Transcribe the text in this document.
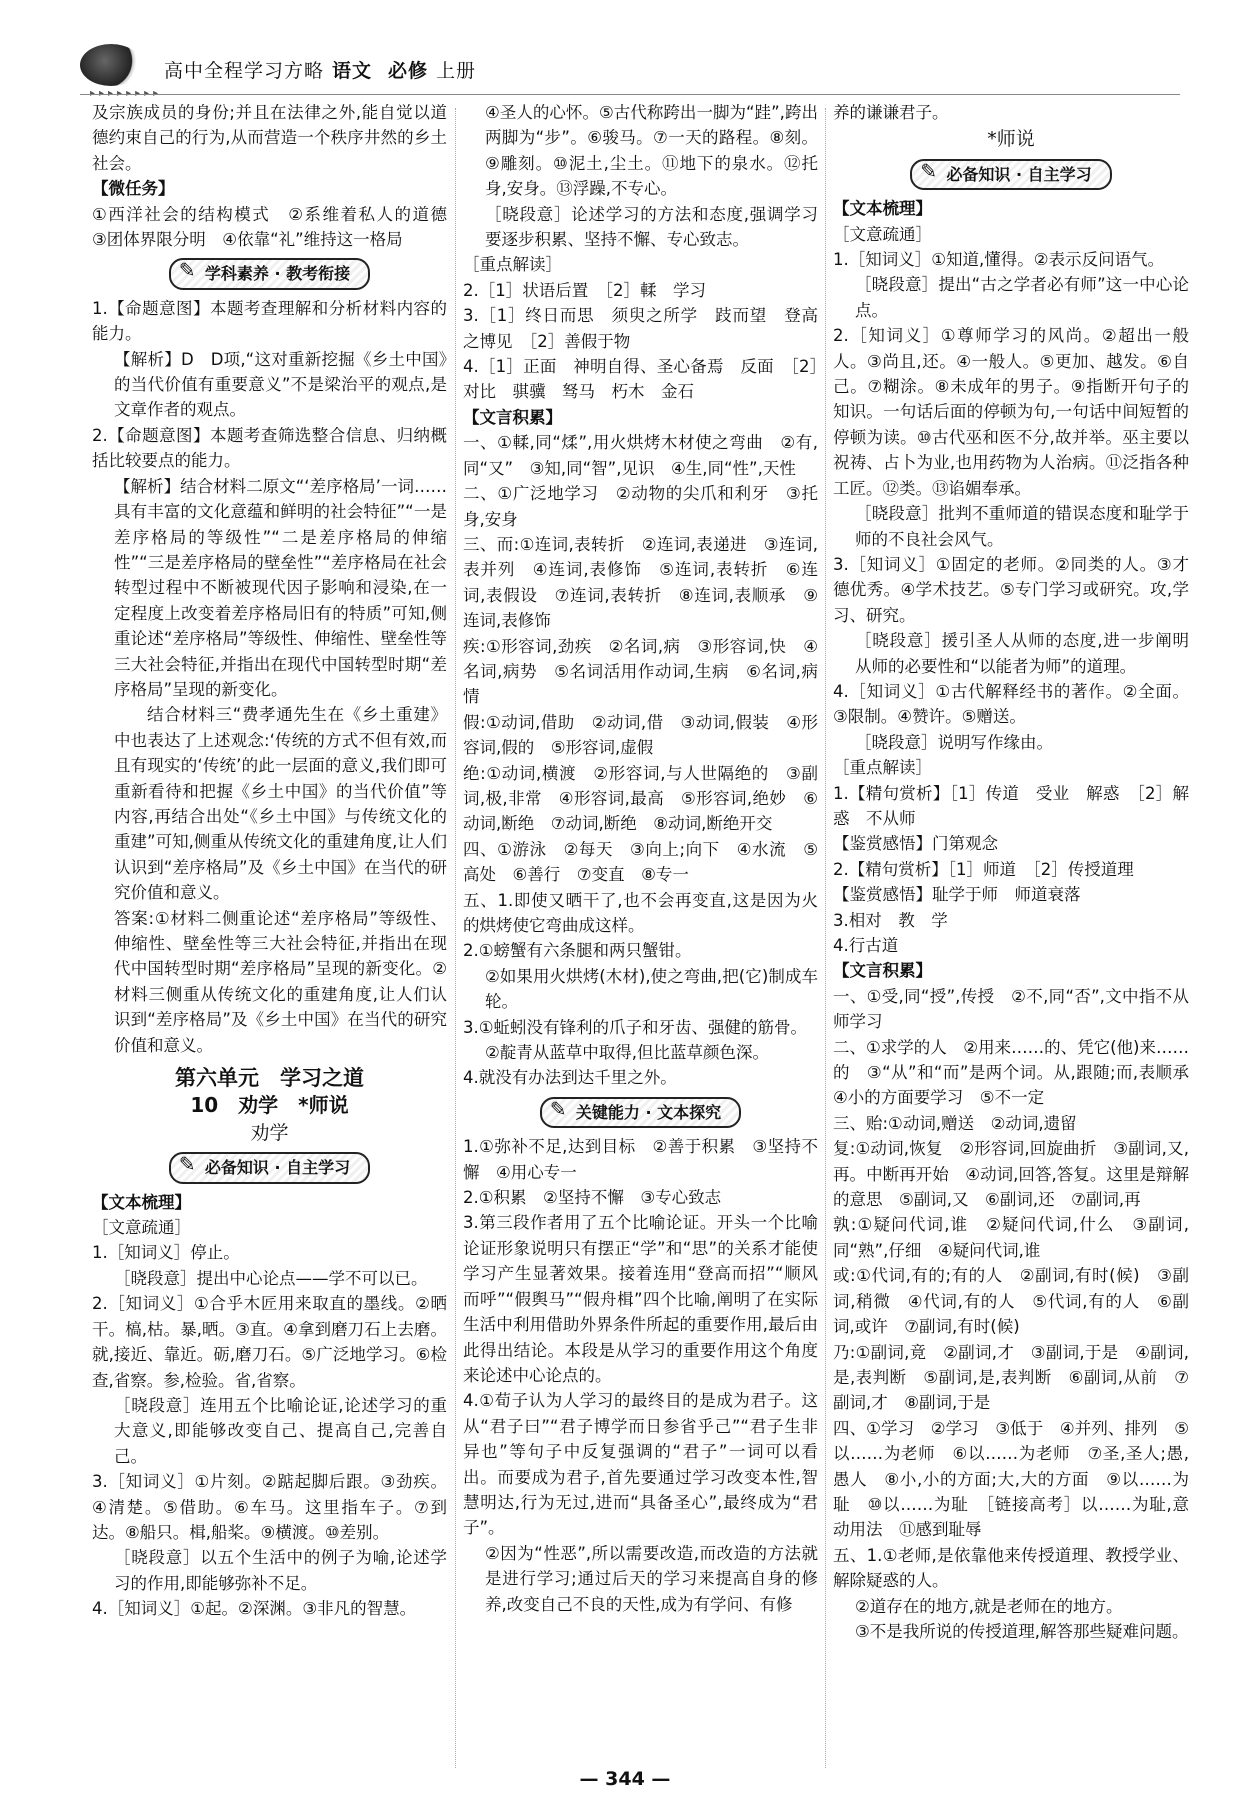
▸▸▸▸▸▸▸▸
高中全程学习方略 语文 必修 上册

及宗族成员的身份;并且在法律之外,能自觉以道德约束自己的行为,从而营造一个秩序井然的乡土社会。

【微任务】

①西洋社会的结构模式　②系维着私人的道德　③团体界限分明　④依靠“礼”维持这一格局

✎ 学科素养 · 教考衔接

1.【命题意图】本题考查理解和分析材料内容的能力。

【解析】D　D项,“这对重新挖掘《乡土中国》的当代价值有重要意义”不是梁治平的观点,是文章作者的观点。

2.【命题意图】本题考查筛选整合信息、归纳概括比较要点的能力。

【解析】结合材料二原文“‘差序格局’一词……具有丰富的文化意蕴和鲜明的社会特征”“一是差序格局的等级性”“二是差序格局的伸缩性”“三是差序格局的壁垒性”“差序格局在社会转型过程中不断被现代因子影响和浸染,在一定程度上改变着差序格局旧有的特质”可知,侧重论述“差序格局”等级性、伸缩性、壁垒性等三大社会特征,并指出在现代中国转型时期“差序格局”呈现的新变化。

结合材料三“费孝通先生在《乡土重建》中也表达了上述观念:‘传统的方式不但有效,而且有现实的‘传统’的此一层面的意义,我们即可重新看待和把握《乡土中国》的当代价值”等内容,再结合出处“《乡土中国》与传统文化的重建”可知,侧重从传统文化的重建角度,让人们认识到“差序格局”及《乡土中国》在当代的研究价值和意义。

答案:①材料二侧重论述“差序格局”等级性、伸缩性、壁垒性等三大社会特征,并指出在现代中国转型时期“差序格局”呈现的新变化。②材料三侧重从传统文化的重建角度,让人们认识到“差序格局”及《乡土中国》在当代的研究价值和意义。

第六单元　学习之道
10　劝学　*师说
劝学
✎ 必备知识 · 自主学习

【文本梳理】

［文意疏通］

1.［知词义］停止。

［晓段意］提出中心论点——学不可以已。

2.［知词义］①合乎木匠用来取直的墨线。②晒干。槁,枯。暴,晒。③直。④拿到磨刀石上去磨。就,接近、靠近。砺,磨刀石。⑤广泛地学习。⑥检查,省察。参,检验。省,省察。

［晓段意］连用五个比喻论证,论述学习的重大意义,即能够改变自己、提高自己,完善自己。

3.［知词义］①片刻。②踮起脚后跟。③劲疾。④清楚。⑤借助。⑥车马。这里指车子。⑦到达。⑧船只。楫,船桨。⑨横渡。⑩差别。

［晓段意］以五个生活中的例子为喻,论述学习的作用,即能够弥补不足。

4.［知词义］①起。②深渊。③非凡的智慧。

④圣人的心怀。⑤古代称跨出一脚为“跬”,跨出两脚为“步”。⑥骏马。⑦一天的路程。⑧刻。⑨雕刻。⑩泥土,尘土。⑪地下的泉水。⑫托身,安身。⑬浮躁,不专心。

［晓段意］论述学习的方法和态度,强调学习要逐步积累、坚持不懈、专心致志。

［重点解读］

2.［1］状语后置　［2］輮　学习

3.［1］终日而思　须臾之所学　跂而望　登高之博见　［2］善假于物

4.［1］正面　神明自得、圣心备焉　反面　［2］对比　骐骥　驽马　朽木　金石

【文言积累】

一、①輮,同“煣”,用火烘烤木材使之弯曲　②有,同“又”　③知,同“智”,见识　④生,同“性”,天性

二、①广泛地学习　②动物的尖爪和利牙　③托身,安身

三、而:①连词,表转折　②连词,表递进　③连词,表并列　④连词,表修饰　⑤连词,表转折　⑥连词,表假设　⑦连词,表转折　⑧连词,表顺承　⑨连词,表修饰

疾:①形容词,劲疾　②名词,病　③形容词,快　④名词,病势　⑤名词活用作动词,生病　⑥名词,病情

假:①动词,借助　②动词,借　③动词,假装　④形容词,假的　⑤形容词,虚假

绝:①动词,横渡　②形容词,与人世隔绝的　③副词,极,非常　④形容词,最高　⑤形容词,绝妙　⑥动词,断绝　⑦动词,断绝　⑧动词,断绝开交

四、①游泳　②每天　③向上;向下　④水流　⑤高处　⑥善行　⑦变直　⑧专一

五、1.即使又晒干了,也不会再变直,这是因为火的烘烤使它弯曲成这样。

2.①螃蟹有六条腿和两只蟹钳。

②如果用火烘烤(木材),使之弯曲,把(它)制成车轮。

3.①蚯蚓没有锋利的爪子和牙齿、强健的筋骨。

②靛青从蓝草中取得,但比蓝草颜色深。

4.就没有办法到达千里之外。

✎ 关键能力 · 文本探究

1.①弥补不足,达到目标　②善于积累　③坚持不懈　④用心专一

2.①积累　②坚持不懈　③专心致志

3.第三段作者用了五个比喻论证。开头一个比喻论证形象说明只有摆正“学”和“思”的关系才能使学习产生显著效果。接着连用“登高而招”“顺风而呼”“假舆马”“假舟楫”四个比喻,阐明了在实际生活中利用借助外界条件所起的重要作用,最后由此得出结论。本段是从学习的重要作用这个角度来论述中心论点的。

4.①荀子认为人学习的最终目的是成为君子。这从“君子曰”“君子博学而日参省乎己”“君子生非异也”等句子中反复强调的“君子”一词可以看出。而要成为君子,首先要通过学习改变本性,智慧明达,行为无过,进而“具备圣心”,最终成为“君子”。

②因为“性恶”,所以需要改造,而改造的方法就是进行学习;通过后天的学习来提高自身的修养,改变自己不良的天性,成为有学问、有修

养的谦谦君子。

*师说
✎ 必备知识 · 自主学习

【文本梳理】

［文意疏通］

1.［知词义］①知道,懂得。②表示反问语气。

［晓段意］提出“古之学者必有师”这一中心论点。

2.［知词义］①尊师学习的风尚。②超出一般人。③尚且,还。④一般人。⑤更加、越发。⑥自己。⑦糊涂。⑧未成年的男子。⑨指断开句子的知识。一句话后面的停顿为句,一句话中间短暂的停顿为读。⑩古代巫和医不分,故并举。巫主要以祝祷、占卜为业,也用药物为人治病。⑪泛指各种工匠。⑫类。⑬谄媚奉承。

［晓段意］批判不重师道的错误态度和耻学于师的不良社会风气。

3.［知词义］①固定的老师。②同类的人。③才德优秀。④学术技艺。⑤专门学习或研究。攻,学习、研究。

［晓段意］援引圣人从师的态度,进一步阐明从师的必要性和“以能者为师”的道理。

4.［知词义］①古代解释经书的著作。②全面。③限制。④赞许。⑤赠送。

［晓段意］说明写作缘由。

［重点解读］

1.【精句赏析】［1］传道　受业　解惑　［2］解惑　不从师

【鉴赏感悟】门第观念

2.【精句赏析】［1］师道　［2］传授道理

【鉴赏感悟】耻学于师　师道衰落

3.相对　教　学

4.行古道

【文言积累】

一、①受,同“授”,传授　②不,同“否”,文中指不从师学习

二、①求学的人　②用来……的、凭它(他)来……的　③“从”和“而”是两个词。从,跟随;而,表顺承　④小的方面要学习　⑤不一定

三、贻:①动词,赠送　②动词,遗留

复:①动词,恢复　②形容词,回旋曲折　③副词,又,再。中断再开始　④动词,回答,答复。这里是辩解的意思　⑤副词,又　⑥副词,还　⑦副词,再

孰:①疑问代词,谁　②疑问代词,什么　③副词,同“熟”,仔细　④疑问代词,谁

或:①代词,有的;有的人　②副词,有时(候)　③副词,稍微　④代词,有的人　⑤代词,有的人　⑥副词,或许　⑦副词,有时(候)

乃:①副词,竟　②副词,才　③副词,于是　④副词,是,表判断　⑤副词,是,表判断　⑥副词,从前　⑦副词,才　⑧副词,于是

四、①学习　②学习　③低于　④并列、排列　⑤以……为老师　⑥以……为老师　⑦圣,圣人;愚,愚人　⑧小,小的方面;大,大的方面　⑨以……为耻　⑩以……为耻　［链接高考］以……为耻,意动用法　⑪感到耻辱

五、1.①老师,是依靠他来传授道理、教授学业、解除疑惑的人。

②道存在的地方,就是老师在的地方。

③不是我所说的传授道理,解答那些疑难问题。

— 344 —
